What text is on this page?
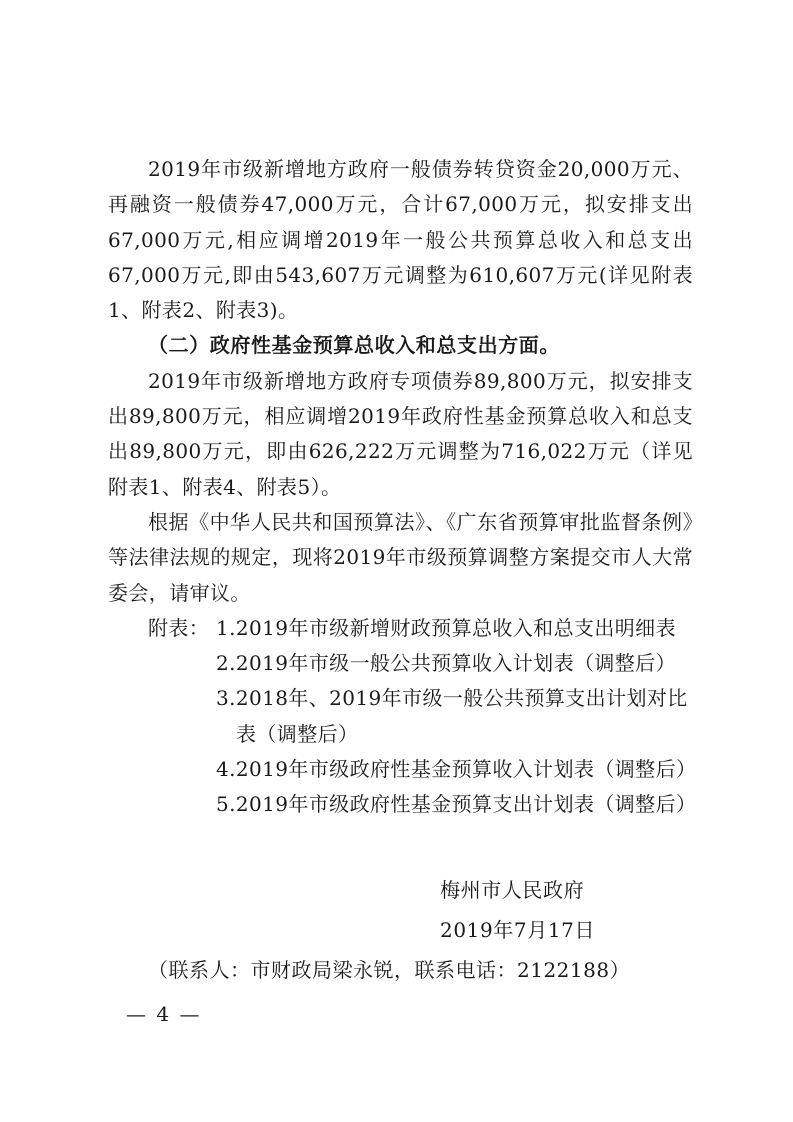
2019年市级新增地方政府一般债券转贷资金20,000万元、再融资一般债券47,000万元，合计67,000万元，拟安排支出67,000万元,相应调增2019年一般公共预算总收入和总支出67,000万元,即由543,607万元调整为610,607万元(详见附表1、附表2、附表3)。

（二）政府性基金预算总收入和总支出方面。

2019年市级新增地方政府专项债券89,800万元，拟安排支出89,800万元，相应调增2019年政府性基金预算总收入和总支出89,800万元，即由626,222万元调整为716,022万元（详见附表1、附表4、附表5）。

根据《中华人民共和国预算法》、《广东省预算审批监督条例》等法律法规的规定，现将2019年市级预算调整方案提交市人大常委会，请审议。

附表： 1.2019年市级新增财政预算总收入和总支出明细表
2.2019年市级一般公共预算收入计划表（调整后）
3.2018年、2019年市级一般公共预算支出计划对比
表（调整后）
4.2019年市级政府性基金预算收入计划表（调整后）
5.2019年市级政府性基金预算支出计划表（调整后）
梅州市人民政府
2019年7月17日
（联系人：市财政局梁永锐，联系电话：2122188）
— 4 —
